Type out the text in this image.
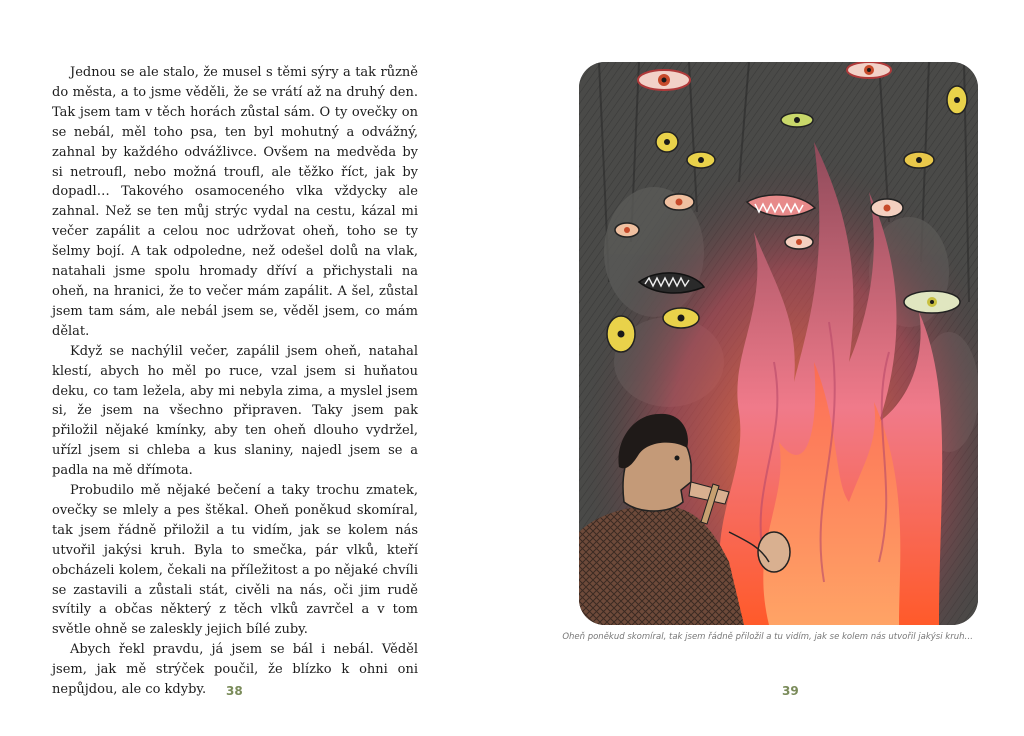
Jednou se ale stalo, že musel s těmi sýry a tak různě do města, a to jsme věděli, že se vrátí až na druhý den. Tak jsem tam v těch horách zůstal sám. O ty ovečky on se nebál, měl toho psa, ten byl mohutný a odvážný, zahnal by každého odvážlivce. Ovšem na medvěda by si netroufl, nebo možná troufl, ale těžko říct, jak by dopadl… Takového osamoceného vlka vždycky ale zahnal. Než se ten můj strýc vydal na cestu, kázal mi večer zapálit a celou noc udržovat oheň, toho se ty šelmy bojí. A tak odpoledne, než odešel dolů na vlak, natahali jsme spolu hromady dříví a přichystali na oheň, na hranici, že to večer mám zapálit. A šel, zůstal jsem tam sám, ale nebál jsem se, věděl jsem, co mám dělat.

Když se nachýlil večer, zapálil jsem oheň, natahal klestí, abych ho měl po ruce, vzal jsem si huňatou deku, co tam ležela, aby mi nebyla zima, a myslel jsem si, že jsem na všechno připraven. Taky jsem pak přiložil nějaké kmínky, aby ten oheň dlouho vydržel, uřízl jsem si chleba a kus slaniny, najedl jsem se a padla na mě dřímota.

Probudilo mě nějaké bečení a taky trochu zmatek, ovečky se mlely a pes štěkal. Oheň poněkud skomíral, tak jsem řádně přiložil a tu vidím, jak se kolem nás utvořil jakýsi kruh. Byla to smečka, pár vlků, kteří obcházeli kolem, čekali na příležitost a po nějaké chvíli se zastavili a zůstali stát, civěli na nás, oči jim rudě svítily a občas některý z těch vlků zavrčel a v tom světle ohně se zaleskly jejich bílé zuby.

Abych řekl pravdu, já jsem se bál i nebál. Věděl jsem, jak mě strýček poučil, že blízko k ohni oni nepůjdou, ale co kdyby.	38
Oheň poněkud skomíral, tak jsem řádně přiložil a tu vidím, jak se kolem nás utvořil jakýsi kruh…
39
